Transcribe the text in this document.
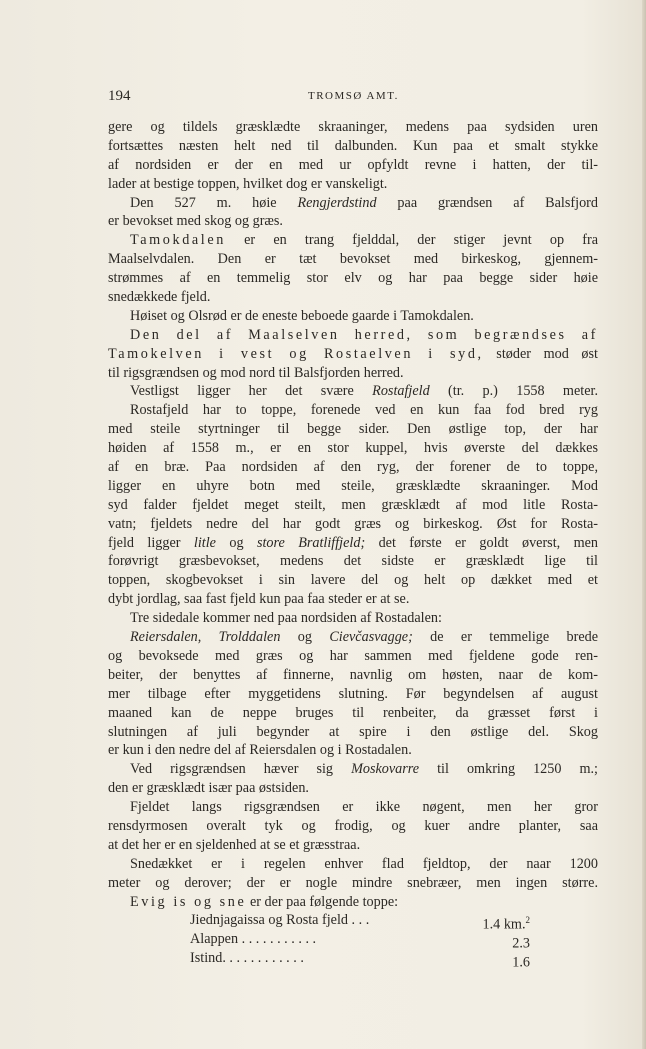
194	TROMSØ AMT.
gere og tildels græsklædte skraaninger, medens paa sydsiden uren
fortsættes næsten helt ned til dalbunden. Kun paa et smalt stykke
af nordsiden er der en med ur opfyldt revne i hatten, der til-
lader at bestige toppen, hvilket dog er vanskeligt.
Den 527 m. høie Rengjerdstind paa grændsen af Balsfjord
er bevokset med skog og græs.
Tamokdalen er en trang fjelddal, der stiger jevnt op fra
Maalselvdalen. Den er tæt bevokset med birkeskog, gjennem-
strømmes af en temmelig stor elv og har paa begge sider høie
snedækkede fjeld.
Høiset og Olsrød er de eneste beboede gaarde i Tamokdalen.
Den del af Maalselven herred, som begrændses af
Tamokelven i vest og Rostaelven i syd, støder mod øst
til rigsgrændsen og mod nord til Balsfjorden herred.
Vestligst ligger her det svære Rostafjeld (tr. p.) 1558 meter.
Rostafjeld har to toppe, forenede ved en kun faa fod bred ryg
med steile styrtninger til begge sider. Den østlige top, der har
høiden af 1558 m., er en stor kuppel, hvis øverste del dækkes
af en bræ. Paa nordsiden af den ryg, der forener de to toppe,
ligger en uhyre botn med steile, græsklædte skraaninger. Mod
syd falder fjeldet meget steilt, men græsklædt af mod litle Rosta-
vatn; fjeldets nedre del har godt græs og birkeskog. Øst for Rosta-
fjeld ligger litle og store Bratliffjeld; det første er goldt øverst, men
forøvrigt græsbevokset, medens det sidste er græsklædt lige til
toppen, skogbevokset i sin lavere del og helt op dækket med et
dybt jordlag, saa fast fjeld kun paa faa steder er at se.
Tre sidedale kommer ned paa nordsiden af Rostadalen:
Reiersdalen, Trolddalen og Cievčasvagge; de er temmelige brede
og bevoksede med græs og har sammen med fjeldene gode ren-
beiter, der benyttes af finnerne, navnlig om høsten, naar de kom-
mer tilbage efter myggetidens slutning. Før begyndelsen af august
maaned kan de neppe bruges til renbeiter, da græsset først i
slutningen af juli begynder at spire i den østlige del. Skog
er kun i den nedre del af Reiersdalen og i Rostadalen.
Ved rigsgrændsen hæver sig Moskovarre til omkring 1250 m.;
den er græsklædt især paa østsiden.
Fjeldet langs rigsgrændsen er ikke nøgent, men her gror
rensdyrmosen overalt tyk og frodig, og kuer andre planter, saa
at det her er en sjeldenhed at se et græsstraa.
Snedækket er i regelen enhver flad fjeldtop, der naar 1200
meter og derover; der er nogle mindre snebræer, men ingen større.
Evig is og sne er der paa følgende toppe:
Jiednjagaissa og Rosta fjeld . . .	1.4 km.$^2$
Alappen . . . . . . . . . . .	2.3
Istind. . . . . . . . . . . .	1.6
